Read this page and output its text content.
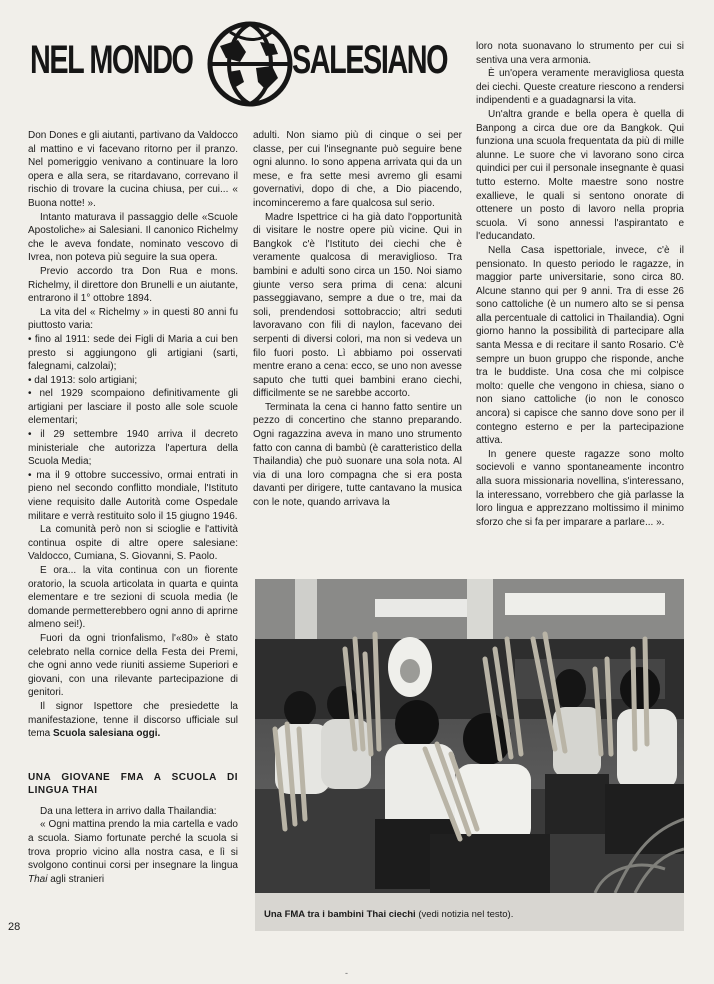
NEL MONDO SALESIANO

Don Dones e gli aiutanti, partivano da Valdocco al mattino e vi facevano ritorno per il pranzo. Nel pomeriggio venivano a continuare la loro opera e alla sera, se ritardavano, correvano il rischio di trovare la cucina chiusa, per cui... « Buona notte! ».

Intanto maturava il passaggio delle «Scuole Apostoliche» ai Salesiani. Il canonico Richelmy che le aveva fondate, nominato vescovo di Ivrea, non poteva più seguire la sua opera.

Previo accordo tra Don Rua e mons. Richelmy, il direttore don Brunelli e un aiutante, entrarono il 1° ottobre 1894.

La vita del « Richelmy » in questi 80 anni fu piuttosto varia:

• fino al 1911: sede dei Figli di Maria a cui ben presto si aggiungono gli artigiani (sarti, falegnami, calzolai);

• dal 1913: solo artigiani;

• nel 1929 scompaiono definitivamente gli artigiani per lasciare il posto alle sole scuole elementari;

• il 29 settembre 1940 arriva il decreto ministeriale che autorizza l'apertura della Scuola Media;

• ma il 9 ottobre successivo, ormai entrati in pieno nel secondo conflitto mondiale, l'Istituto viene requisito dalle Autorità come Ospedale militare e verrà restituito solo il 15 giugno 1946.

La comunità però non si scioglie e l'attività continua ospite di altre opere salesiane: Valdocco, Cumiana, S. Giovanni, S. Paolo.

E ora... la vita continua con un fiorente oratorio, la scuola articolata in quarta e quinta elementare e tre sezioni di scuola media (le domande permetterebbero ogni anno di aprirne almeno sei!).

Fuori da ogni trionfalismo, l'«80» è stato celebrato nella cornice della Festa dei Premi, che ogni anno vede riuniti assieme Superiori e giovani, con una rilevante partecipazione di genitori.

Il signor Ispettore che presiedette la manifestazione, tenne il discorso ufficiale sul tema Scuola salesiana oggi.

UNA GIOVANE FMA A SCUOLA DI LINGUA THAI

Da una lettera in arrivo dalla Thailandia:

« Ogni mattina prendo la mia cartella e vado a scuola. Siamo fortunate perché la scuola si trova proprio vicino alla nostra casa, e lì si svolgono continui corsi per insegnare la lingua Thai agli stranieri

adulti. Non siamo più di cinque o sei per classe, per cui l'insegnante può seguire bene ogni alunno. Io sono appena arrivata qui da un mese, e fra sette mesi avremo gli esami governativi, dopo di che, a Dio piacendo, incominceremo a fare qualcosa sul serio.

Madre Ispettrice ci ha già dato l'opportunità di visitare le nostre opere più vicine. Qui in Bangkok c'è l'Istituto dei ciechi che è veramente qualcosa di meraviglioso. Tra bambini e adulti sono circa un 150. Noi siamo giunte verso sera prima di cena: alcuni passeggiavano, sempre a due o tre, mai da soli, prendendosi sottobraccio; altri seduti lavoravano con fili di naylon, facevano dei serpenti di diversi colori, ma non si vedeva un filo fuori posto. Lì abbiamo poi osservati mentre erano a cena: ecco, se uno non avesse saputo che tutti quei bambini erano ciechi, difficilmente se ne sarebbe accorto.

Terminata la cena ci hanno fatto sentire un pezzo di concertino che stanno preparando. Ogni ragazzina aveva in mano uno strumento fatto con canna di bambù (è caratteristico della Thailandia) che può suonare una sola nota. Al via di una loro compagna che si era posta davanti per dirigere, tutte cantavano la musica con le note, quando arrivava la

loro nota suonavano lo strumento per cui si sentiva una vera armonia.

È un'opera veramente meravigliosa questa dei ciechi. Queste creature riescono a rendersi indipendenti e a guadagnarsi la vita.

Un'altra grande e bella opera è quella di Banpong a circa due ore da Bangkok. Qui funziona una scuola frequentata da più di mille alunne. Le suore che vi lavorano sono circa quindici per cui il personale insegnante è quasi tutto esterno. Molte maestre sono nostre exallieve, le quali si sentono onorate di ottenere un posto di lavoro nella propria scuola. Vi sono annessi l'aspirantato e l'educandato.

Nella Casa ispettoriale, invece, c'è il pensionato. In questo periodo le ragazze, in maggior parte universitarie, sono circa 80. Alcune stanno qui per 9 anni. Tra di esse 26 sono cattoliche (è un numero alto se si pensa alla percentuale di cattolici in Thailandia). Ogni giorno hanno la possibilità di partecipare alla santa Messa e di recitare il santo Rosario. C'è sempre un buon gruppo che risponde, anche tra le buddiste. Una cosa che mi colpisce molto: quelle che vengono in chiesa, siano o non siano cattoliche (io non le conosco ancora) si capisce che sanno dove sono per il contegno esterno e per la partecipazione attiva.

In genere queste ragazze sono molto socievoli e vanno spontaneamente incontro alla suora missionaria novellina, s'interessano, la interessano, vorrebbero che già parlasse la loro lingua e apprezzano moltissimo il minimo sforzo che si fa per imparare a parlare... ».

Una FMA tra i bambini Thai ciechi (vedi notizia nel testo).
28
-
